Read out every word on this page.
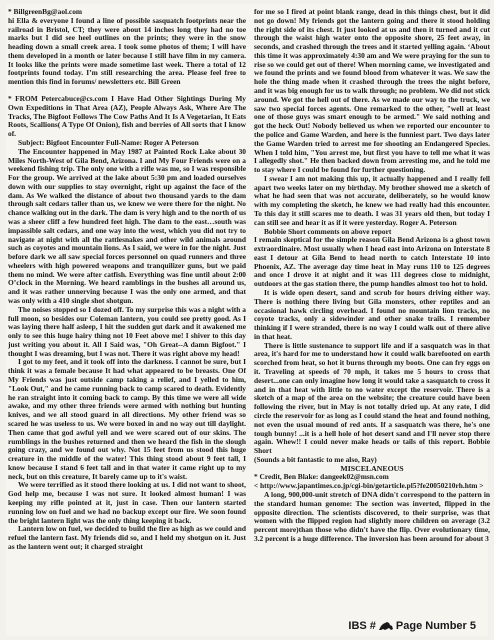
* BillgreenBg@aol.com

hi Ella & everyone I found a line of possible sasquatch footprints near the railroad in Bristol, CT; they were about 14 inches long they had no toe marks but I did see heel outlines on the prints; they were in the snow heading down a small creek area. I took some photos of them; I will have them developed in a month or later because I still have film in my camera. It looks like the prints were made sometime last week. There a total of 12 footprints found today. I’m still researching the area. Please feel free to mention this find in forums/ newsletters etc. Bill Green

* FROM Petercabuce@cs.com I Have Had Other Sightings During My Own Expeditions in That Area (AZ), People Always Ask, Where Are The Tracks, The Bigfoot Follows The Cow Paths And It Is A Vegetarian, It Eats Roots, Scallions( A Type Of Onion), fish and berries of All sorts that I know of.

Subject: Bigfoot Encounter Full-Name: Roger A Peterson

The Encounter happened in May 1987 at Painted Rock Lake about 30 Miles North-West of Gila Bend, Arizona. I and My Four Friends were on a weekend fishing trip. The only one with a rifle was me, so I was responsible For the group. We arrived at the lake about 5:30 pm and loaded ourselves down with our supplies to stay overnight, right up against the face of the dam. As We walked the distance of about two thousand yards to the dam through salt cedars taller than us, we knew we were there for the night. No chance walking out in the dark. The dam is very high and to the north of us was a sheer cliff a few hundred feet high. The dam to the east…south was impassible salt cedars, and one way into the west, which you did not try to navigate at night with all the rattlesnakes and other wild animals around such as coyotes and mountain lions. As I said, we were in for the night. Just before dark we all saw special forces personnel on quad runners and three wheelers with high powered weapons and tranquilizer guns, but we paid them no mind. We were after catfish. Everything was fine until about 2:00 O’clock in the Morning. We heard ramblings in the bushes all around us, and it was rather unnerving because I was the only one armed, and that was only with a 410 single shot shotgun.

The noises stopped so I dozed off. To my surprise this was a night with a full moon, so besides our Coleman lantern, you could see pretty good. As I was laying there half asleep, I hit the sudden gut dark and it awakened me only to see this huge hairy thing not 10 Feet above me! I shiver to this day just writing you about it. All I Said was, "Oh Great--A damn Bigfoot." I thought I was dreaming, but I was not. There it was right above my head!

I got to my feet, and it took off into the darkness. I cannot be sure, but I think it was a female because It had what appeared to be breasts. One Of My Friends was just outside camp taking a relief, and I yelled to him, "Look Out," and he came running back to camp scared to death. Evidently he ran straight into it coming back to camp. By this time we were all wide awake, and my other three friends were armed with nothing but hunting knives, and we all stood guard in all directions. My other friend was so scared he was useless to us. We were boxed in and no way out till daylight. Then came that god awful yell and we were scared out of our skins. The rumblings in the bushes returned and then we heard the fish in the slough going crazy, and we found out why. Not 15 feet from us stood this huge creature in the middle of the water! This thing stood about 9 feet tall, I know because I stand 6 feet tall and in that water it came right up to my neck, but on this creature, It barely came up to it's waist.

We were terrified as it stood there looking at us. I did not want to shoot, God help me, because I was not sure. It looked almost human! I was keeping my rifle pointed at it, just in case. Then our lantern started running low on fuel and we had no backup except our fire. We soon found the bright lantern light was the only thing keeping it back.

Lantern low on fuel, we decided to build the fire as high as we could and refuel the lantern fast. My friends did so, and I held my shotgun on it. Just as the lantern went out; it charged straight

for me so I fired at point blank range, dead in this things chest, but it did not go down! My friends got the lantern going and there it stood holding the right side of its chest. It just looked at us and then it turned and it cut through the waist high water onto the opposite shore, 25 feet away, in seconds, and crashed through the trees and it started yelling again. ‘About this time it was approximately 4:30 am and We were praying for the sun to rise so we could get out of there! When morning came, we investigated and we found the prints and we found blood from whatever it was. We saw the hole the thing made when it crashed through the trees the night before, and it was big enough for us to walk through; no problem. We did not stick around. We got the hell out of there. As we made our way to the truck, we saw two special forces agents. One remarked to the other, "well at least one of those guys was smart enough to be armed." We said nothing and got the heck Out! Nobody believed us when we reported our encounter to the police and Game Warden, and here is the funniest part. Two days later the Game Warden tried to arrest me for shooting an Endangered Species. When I told him, "You arrest me, but first you have to tell me what it was I allegedly shot." He then backed down from arresting me, and he told me to stay where I could be found for further questioning.

I swear I am not making this up, it actually happened and I really fell apart two weeks later on my birthday. My brother showed me a sketch of what he had seen that was not accurate, deliberately, so he would know with my completing the sketch, he knew we had really had this encounter. To this day it still scares me to death. I was 31 years old then, but today I can still see and hear it as if it were yesterday. Roger A. Peterson

Bobbie Short comments on above report

I remain skeptical for the simple reason Gila Bend Arizona is a ghost town extraordinaire. Most usually when I head east into Arizona on Interstate 8 east I detour at Gila Bend to head north to catch Interstate 10 into Phoenix, AZ. The average day time heat in May runs 110 to 125 degrees and once I drove it at night and it was 111 degrees close to midnight, outdoors at the gas station there, the pump handles almost too hot to hold.

It is wide open desert, sand and scrub for hours driving either way. There is nothing there living but Gila monsters, other reptiles and an occasional hawk circling overhead. I found no mountain lion tracks, no coyote tracks, only a sidewinder and other snake trails. I remember thinking if I were stranded, there is no way I could walk out of there alive in that heat.

There is little sustenance to support life and if a sasquatch was in that area, it's hard for me to understand how it could walk barefooted on earth scorched from heat, so hot it burns through my boots. One can fry eggs on it. Traveling at speeds of 70 mph, it takes me 5 hours to cross that desert...one can only imagine how long it would take a sasquatch to cross it and in that heat with little to no water except the reservoir. There is a sketch of a map of the area on the website; the creature could have been following the river, but in May is not totally dried up. At any rate, I did circle the reservoir for as long as I could stand the heat and found nothing, not even the usual mound of red ants. If a sasquatch was there, he's one tough bunny! ...it is a hell hole of hot desert sand and I'll never stop there again. Whew!! I could never make heads or tails of this report. Bobbie Short

(Sounds a bit fantastic to me also, Ray)

MISCELANEOUS

* Credit, Ben Blake: dangeek02@msn.com

< http://www.japantimes.co.jp/cgi-bin/getarticle.pl5?fe20050210rh.htm >

A long, 900,000-unit stretch of DNA didn't correspond to the pattern in the standard human genome: The section was inverted, flipped in the opposite direction. The scientists discovered, to their surprise, was that women with the flipped region had slightly more children on average (3.2 percent more)than those who didn't have the flip. Over evolutionary time, 3.2 percent is a huge difference. The inversion has been around for about 3

IBS # Page Number 5
